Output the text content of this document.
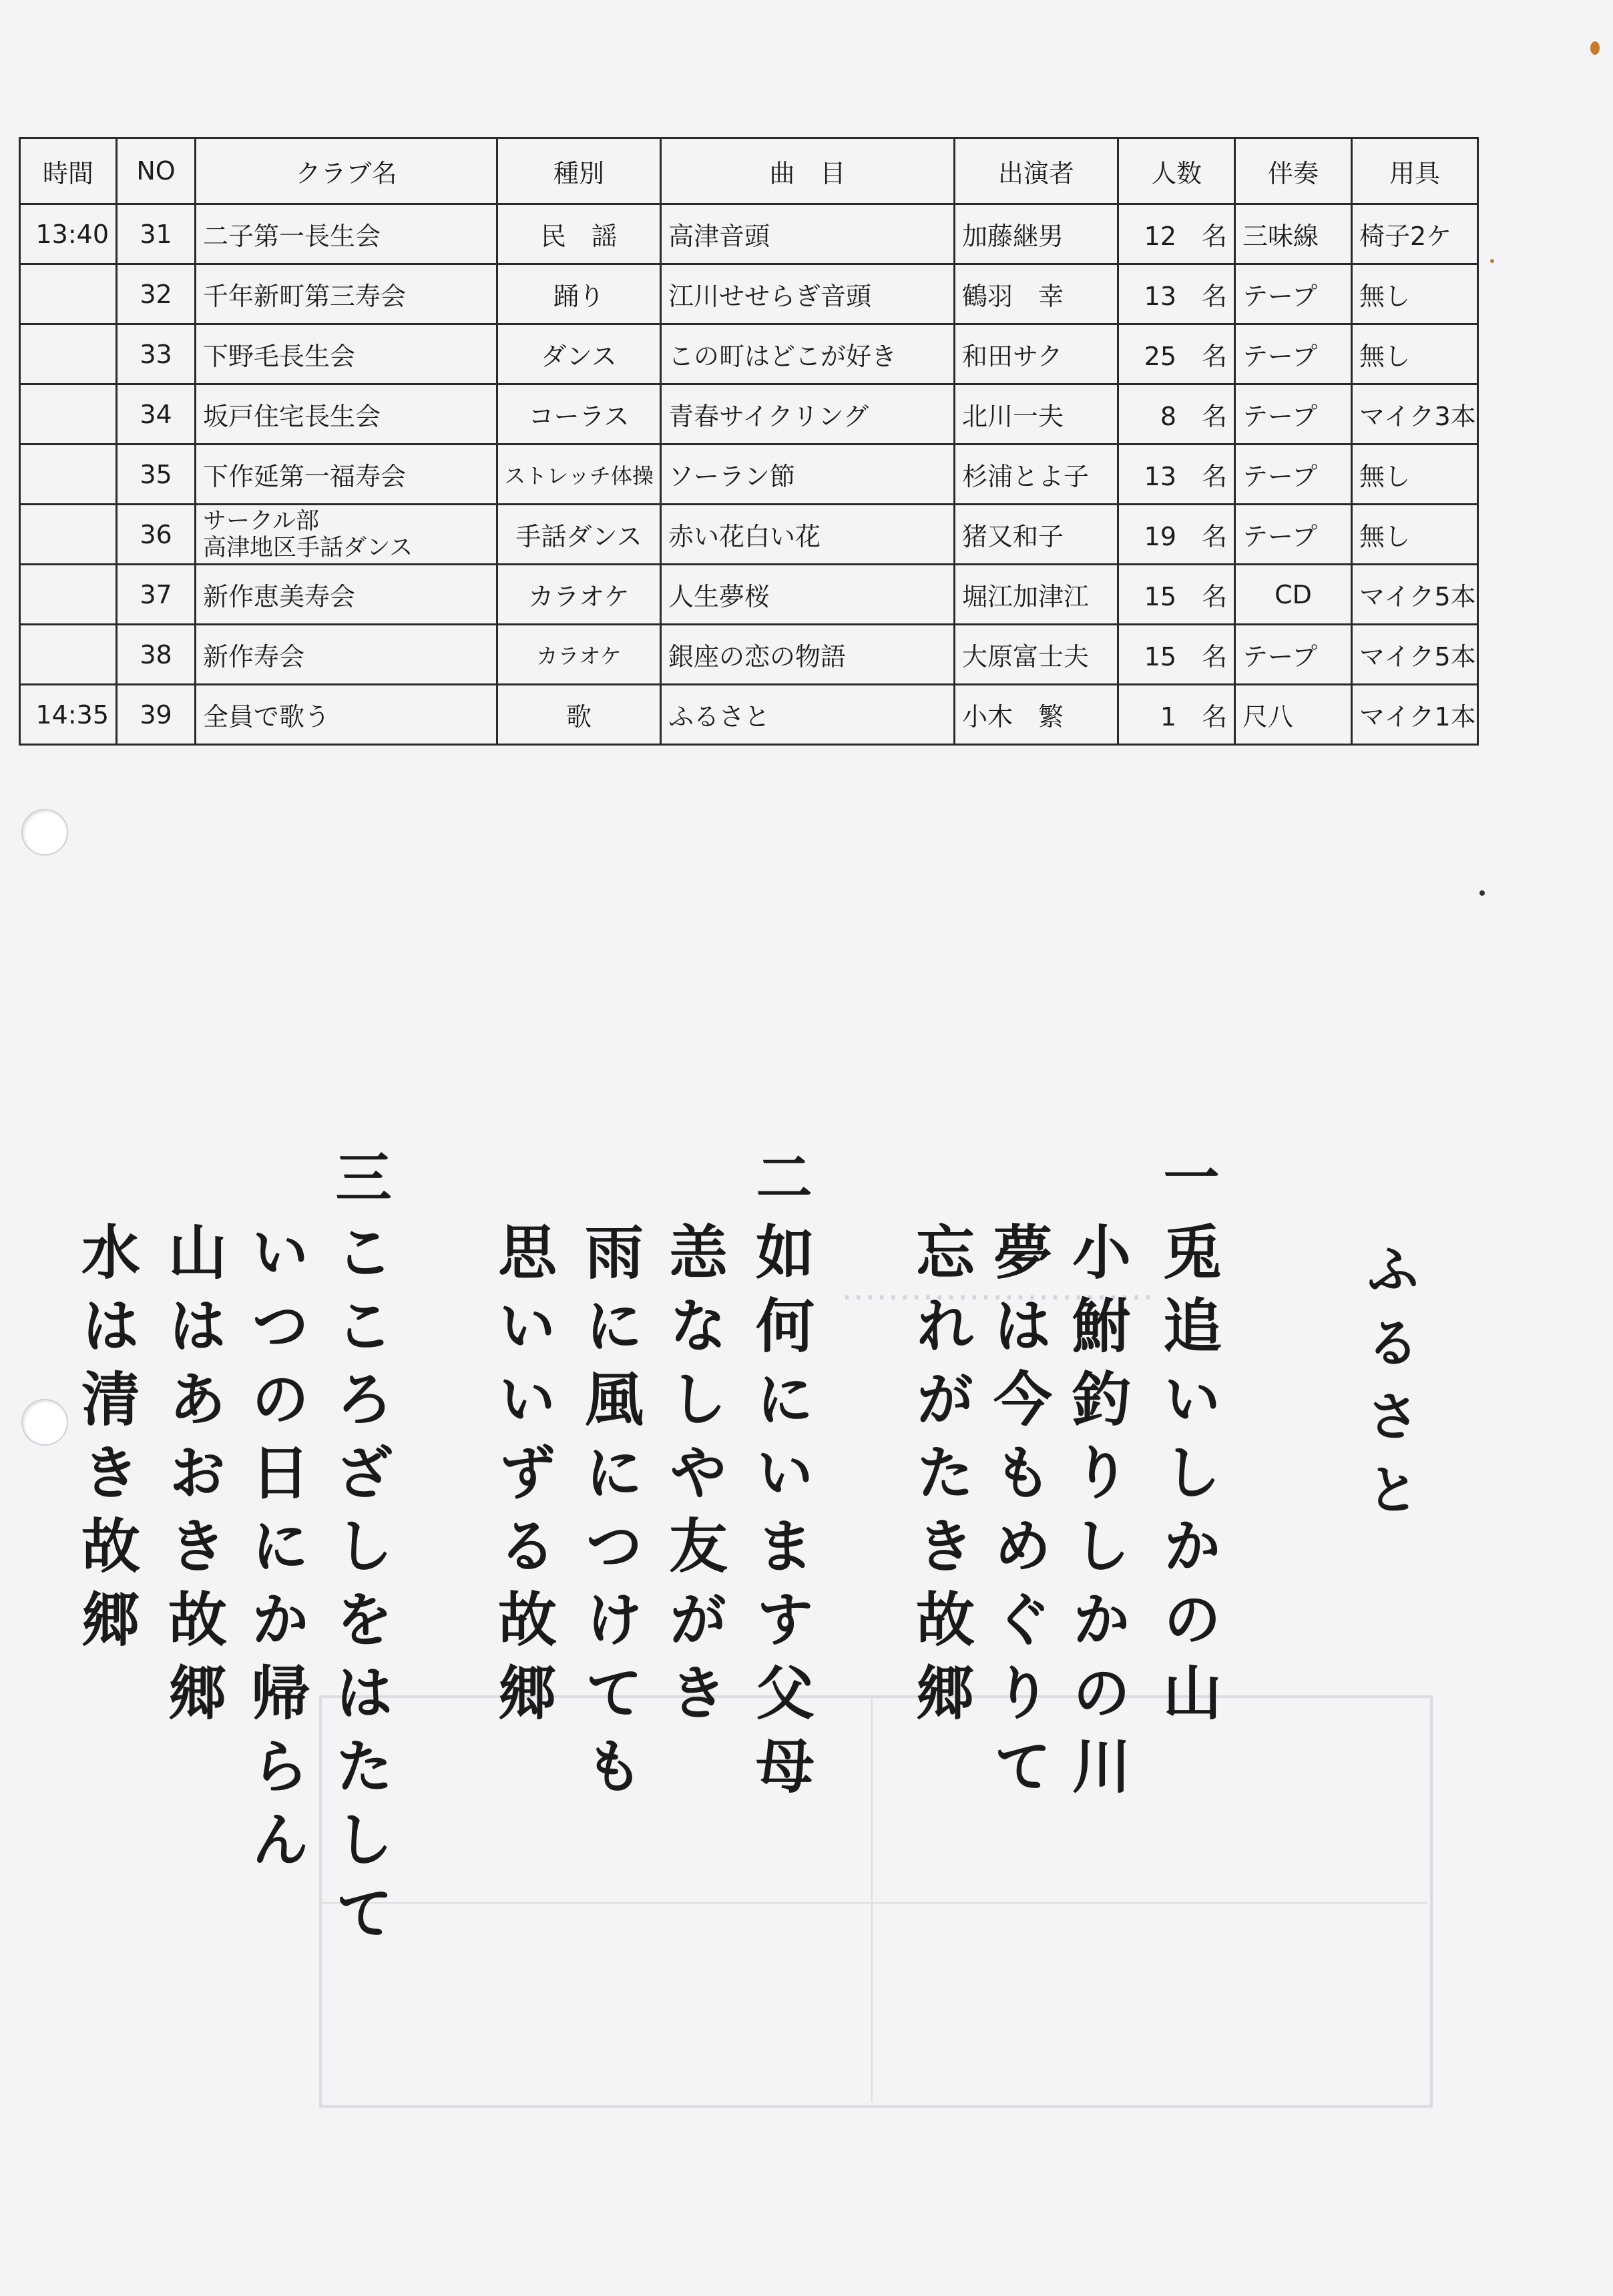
………………………
時間	NO	クラブ名	種別	曲　目	出演者	人数	伴奏	用具
13:40	31	二子第一長生会	民　謡	高津音頭	加藤継男	12　名	三味線	椅子2ケ
	32	千年新町第三寿会	踊り	江川せせらぎ音頭	鶴羽　幸	13　名	テープ	無し
	33	下野毛長生会	ダンス	この町はどこが好き	和田サク	25　名	テープ	無し
	34	坂戸住宅長生会	コーラス	青春サイクリング	北川一夫	8　名	テープ	マイク3本
	35	下作延第一福寿会	ストレッチ体操	ソーラン節	杉浦とよ子	13　名	テープ	無し
	36	サークル部
高津地区手話ダンス	手話ダンス	赤い花白い花	猪又和子	19　名	テープ	無し
	37	新作恵美寿会	カラオケ	人生夢桜	堀江加津江	15　名	CD	マイク5本
	38	新作寿会	カラオケ	銀座の恋の物語	大原富士夫	15　名	テープ	マイク5本
14:35	39	全員で歌う	歌	ふるさと	小木　繁	1　名	尺八	マイク1本
ふるさと
一
兎追いしかの山
小鮒釣りしかの川
夢は今もめぐりて
忘れがたき故郷
二
如何にいます父母
恙なしや友がき
雨に風につけても
思いいずる故郷
三
こころざしをはたして
いつの日にか帰らん
山はあおき故郷
水は清き故郷
